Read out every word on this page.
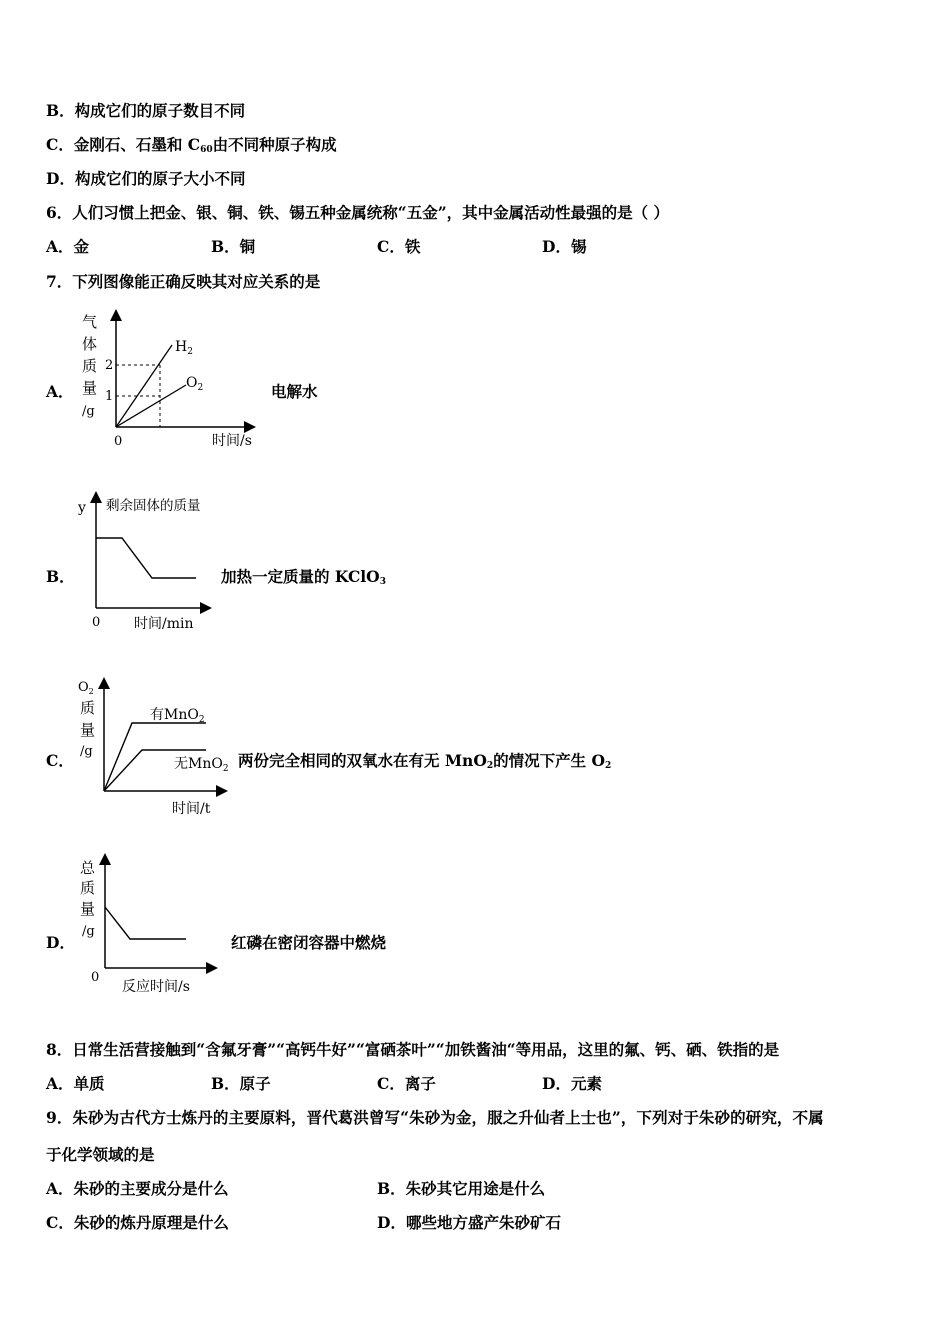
B．构成它们的原子数目不同
C．金刚石、石墨和 $C_{60}$由不同种原子构成
D．构成它们的原子大小不同
6．人们习惯上把金、银、铜、铁、锡五种金属统称“五金”，其中金属活动性最强的是（ ）
A．金	B．铜	C．铁	D．锡
7．下列图像能正确反映其对应关系的是
A．
气
体
质
量
/g
2
1
0	时间/s
$H_2$
$O_2$	电解水
B．
y 剩余固体的质量
0 时间/min
加热一定质量的 KClO$_3$
C．
$O_2$
质
量
/g
有MnO$_2$
无MnO$_2$
时间/t
两份完全相同的双氧水在有无 MnO$_2$的情况下产生 $O_2$
D．
总
质
量
/g
0
反应时间/s
红磷在密闭容器中燃烧
8．日常生活营接触到“含氟牙膏”“高钙牛好”“富硒茶叶”“加铁酱油“等用品，这里的氟、钙、硒、铁指的是
A．单质	B．原子	C．离子	D．元素
9．朱砂为古代方士炼丹的主要原料，晋代葛洪曾写“朱砂为金，服之升仙者上士也”，下列对于朱砂的研究，不属
于化学领域的是
A．朱砂的主要成分是什么	B．朱砂其它用途是什么
C．朱砂的炼丹原理是什么	D．哪些地方盛产朱砂矿石
